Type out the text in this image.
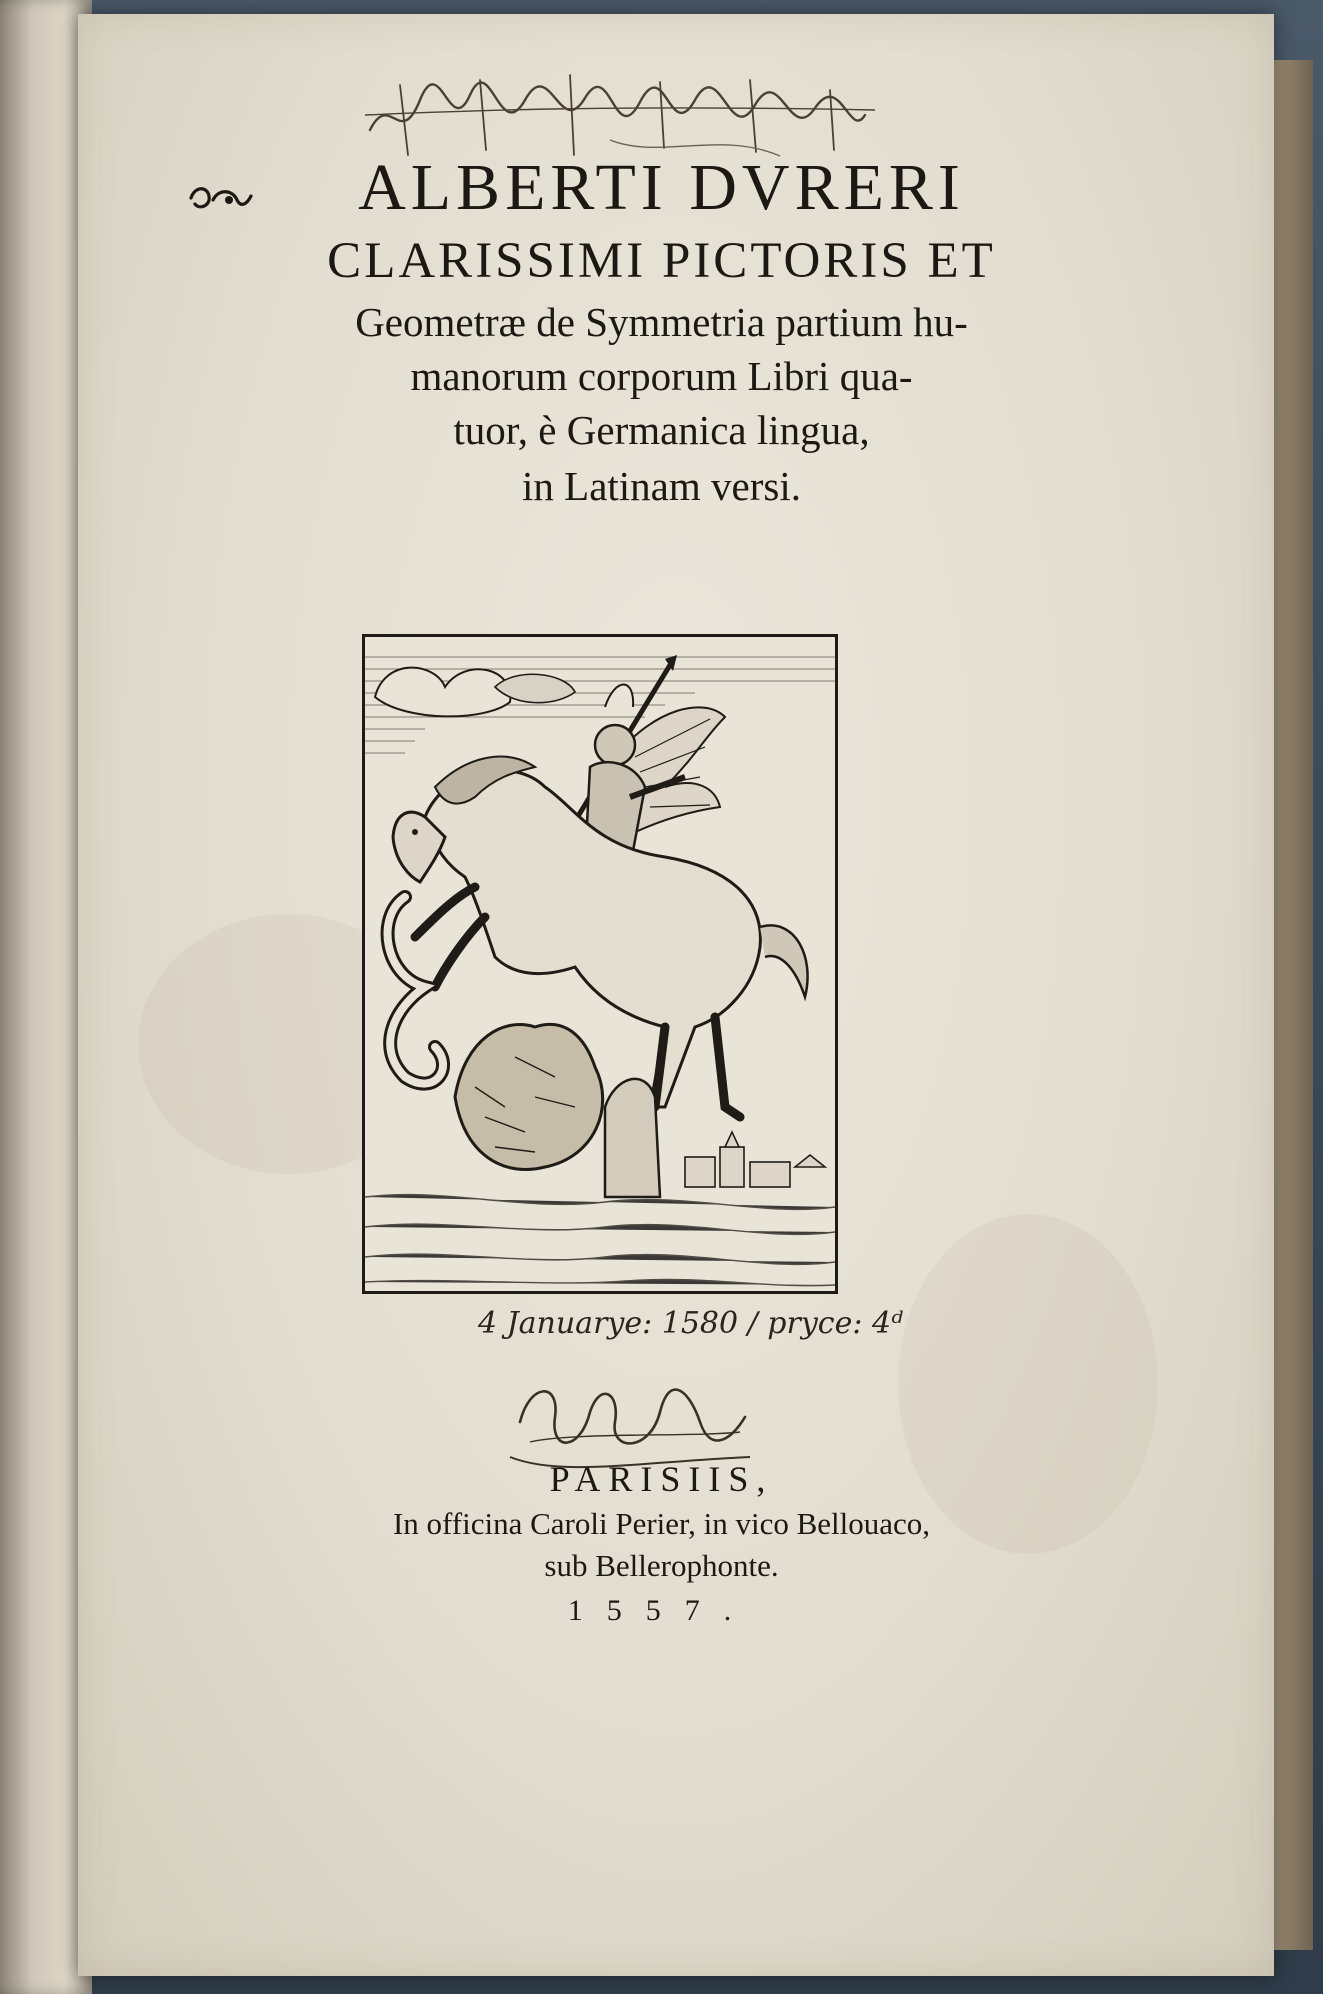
ALBERTI DVRERI
CLARISSIMI PICTORIS ET
Geometræ de Symmetria partium hu-
manorum corporum Libri qua-
tuor, è Germanica lingua,
in Latinam versi.
4 Januarye: 1580 / pryce: 4ᵈ
PARISIIS,
In officina Caroli Perier, in vico Bellouaco,
sub Bellerophonte.
1557.
